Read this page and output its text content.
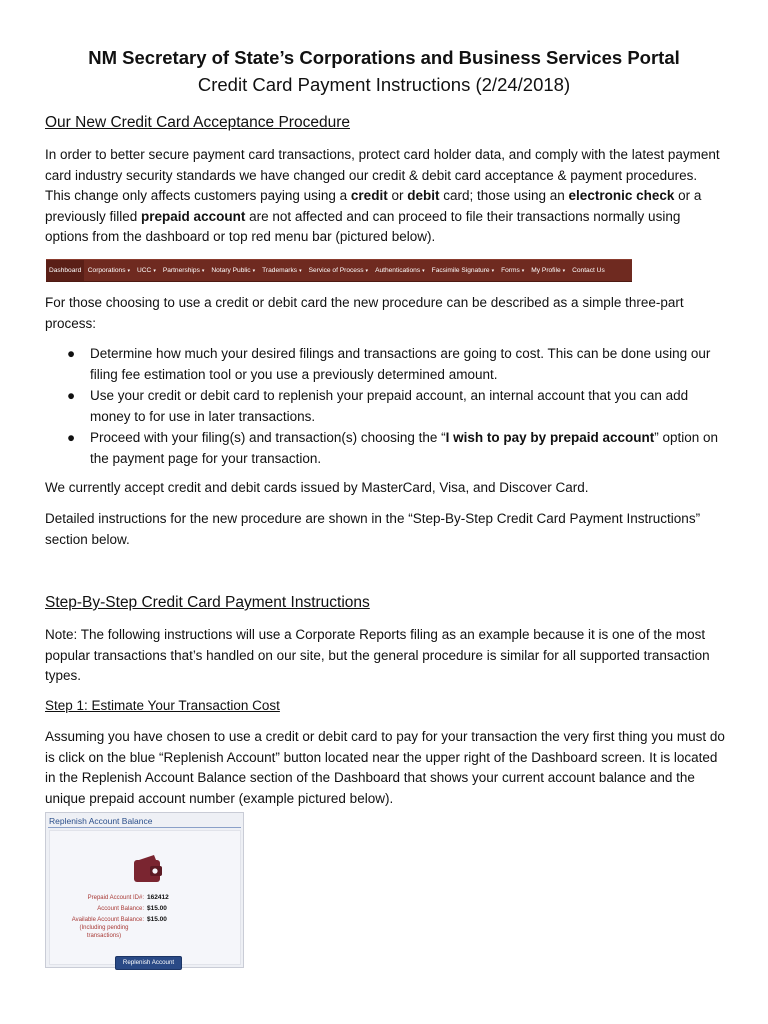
NM Secretary of State’s Corporations and Business Services Portal
Credit Card Payment Instructions (2/24/2018)
Our New Credit Card Acceptance Procedure
In order to better secure payment card transactions, protect card holder data, and comply with the latest payment card industry security standards we have changed our credit & debit card acceptance & payment procedures. This change only affects customers paying using a credit or debit card; those using an electronic check or a previously filled prepaid account are not affected and can proceed to file their transactions normally using options from the dashboard or top red menu bar (pictured below).
Dashboard Corporations ▾ UCC ▾ Partnerships ▾ Notary Public ▾ Trademarks ▾ Service of Process ▾ Authentications ▾ Facsimile Signature ▾ Forms ▾ My Profile ▾ Contact Us
For those choosing to use a credit or debit card the new procedure can be described as a simple three-part process:
● Determine how much your desired filings and transactions are going to cost. This can be done using our filing fee estimation tool or you use a previously determined amount.
● Use your credit or debit card to replenish your prepaid account, an internal account that you can add money to for use in later transactions.
● Proceed with your filing(s) and transaction(s) choosing the “I wish to pay by prepaid account” option on the payment page for your transaction.
We currently accept credit and debit cards issued by MasterCard, Visa, and Discover Card.
Detailed instructions for the new procedure are shown in the “Step-By-Step Credit Card Payment Instructions” section below.
Step-By-Step Credit Card Payment Instructions
Note: The following instructions will use a Corporate Reports filing as an example because it is one of the most popular transactions that’s handled on our site, but the general procedure is similar for all supported transaction types.
Step 1: Estimate Your Transaction Cost
Assuming you have chosen to use a credit or debit card to pay for your transaction the very first thing you must do is click on the blue “Replenish Account” button located near the upper right of the Dashboard screen. It is located in the Replenish Account Balance section of the Dashboard that shows your current account balance and the unique prepaid account number (example pictured below).
Replenish Account Balance
Prepaid Account ID#: 162412
Account Balance: $15.00
Available Account Balance: $15.00
(Including pending transactions)
Replenish Account
